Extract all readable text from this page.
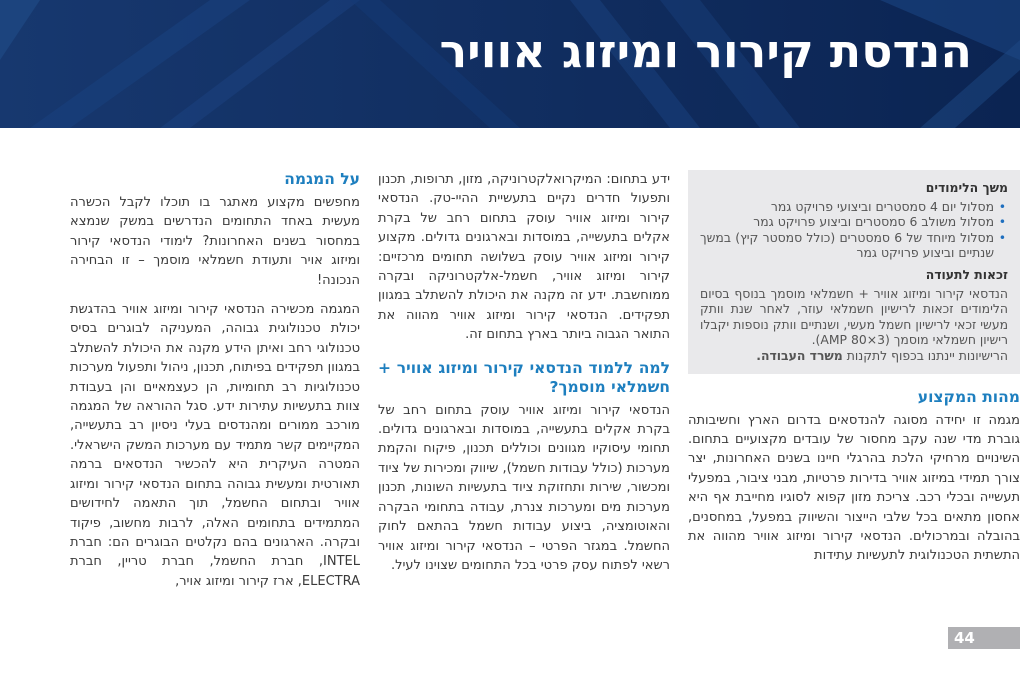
הנדסת קירור ומיזוג אוויר
משך הלימודים
• מסלול יום 4 סמסטרים וביצועי פרויקט גמר
• מסלול משולב 6 סמסטרים וביצוע פרויקט גמר
• מסלול מיוחד של 6 סמסטרים (כולל סמסטר קיץ) במשך שנתיים וביצוע פרויקט גמר
זכאות לתעודה

הנדסאי קירור ומיזוג אוויר + חשמלאי מוסמך בנוסף בסיום הלימודים זכאות לרישיון חשמלאי עוזר, לאחר שנת וותק מעשי זכאי לרישיון חשמל מעשי, ושנתיים וותק נוספות יקבלו רישיון חשמלאי מוסמך (AMP 80×3).

הרישיונות יינתנו בכפוף לתקנות משרד העבודה.

מהות המקצוע

מגמה זו יחידה מסוגה להנדסאים בדרום הארץ וחשיבותה גוברת מדי שנה עקב מחסור של עובדים מקצועיים בתחום. השינויים מרחיקי הלכת בהרגלי חיינו בשנים האחרונות, יצר צורך תמידי במיזוג אוויר בדירות פרטיות, מבני ציבור, במפעלי תעשייה ובכלי רכב. צריכת מזון קפוא לסוגיו מחייבת אף היא אחסון מתאים בכל שלבי הייצור והשיווק במפעל, במחסנים, בהובלה ובמרכולים. הנדסאי קירור ומיזוג אוויר מהווה את התשתית הטכנולוגית לתעשיות עתידות

ידע בתחום: המיקרואלקטרוניקה, מזון, תרופות, תכנון ותפעול חדרים נקיים בתעשיית ההיי-טק. הנדסאי קירור ומיזוג אוויר עוסק בתחום רחב של בקרת אקלים בתעשייה, במוסדות ובארגונים גדולים. מקצוע קירור ומיזוג אוויר עוסק בשלושה תחומים מרכזיים: קירור ומיזוג אוויר, חשמל-אלקטרוניקה ובקרה ממוחשבת. ידע זה מקנה את היכולת להשתלב במגוון תפקידים. הנדסאי קירור ומיזוג אוויר מהווה את התואר הגבוה ביותר בארץ בתחום זה.

למה ללמוד הנדסאי קירור ומיזוג אוויר + חשמלאי מוסמך?

הנדסאי קירור ומיזוג אוויר עוסק בתחום רחב של בקרת אקלים בתעשייה, במוסדות ובארגונים גדולים. תחומי עיסוקיו מגוונים וכוללים תכנון, פיקוח והקמת מערכות (כולל עבודות חשמל), שיווק ומכירות של ציוד ומכשור, שירות ותחזוקת ציוד בתעשיות השונות, תכנון מערכות מים ומערכות צנרת, עבודה בתחומי הבקרה והאוטומציה, ביצוע עבודות חשמל בהתאם לחוק החשמל. במגזר הפרטי – הנדסאי קירור ומיזוג אוויר רשאי לפתוח עסק פרטי בכל התחומים שצוינו לעיל.

על המגמה

מחפשים מקצוע מאתגר בו תוכלו לקבל הכשרה מעשית באחד התחומים הנדרשים במשק שנמצא במחסור בשנים האחרונות? לימודי הנדסאי קירור ומיזוג אויר ותעודת חשמלאי מוסמך – זו הבחירה הנכונה!

המגמה מכשירה הנדסאי קירור ומיזוג אוויר בהדגשת יכולת טכנולוגית גבוהה, המעניקה לבוגרים בסיס טכנולוגי רחב ואיתן הידע מקנה את היכולת להשתלב במגוון תפקידים בפיתוח, תכנון, ניהול ותפעול מערכות טכנולוגיות רב תחומיות, הן כעצמאיים והן בעבודת צוות בתעשיות עתירות ידע. סגל ההוראה של המגמה מורכב ממורים ומהנדסים בעלי ניסיון רב בתעשייה, המקיימים קשר מתמיד עם מערכות המשק הישראלי. המטרה העיקרית היא להכשיר הנדסאים ברמה תאורטית ומעשית גבוהה בתחום הנדסאי קירור ומיזוג אוויר ובתחום החשמל, תוך התאמה לחידושים המתמידים בתחומים האלה, לרבות מחשוב, פיקוד ובקרה. הארגונים בהם נקלטים הבוגרים הם: חברת INTEL, חברת החשמל, חברת טריין, חברת ELECTRA, ארז קירור ומיזוג אויר,

44
